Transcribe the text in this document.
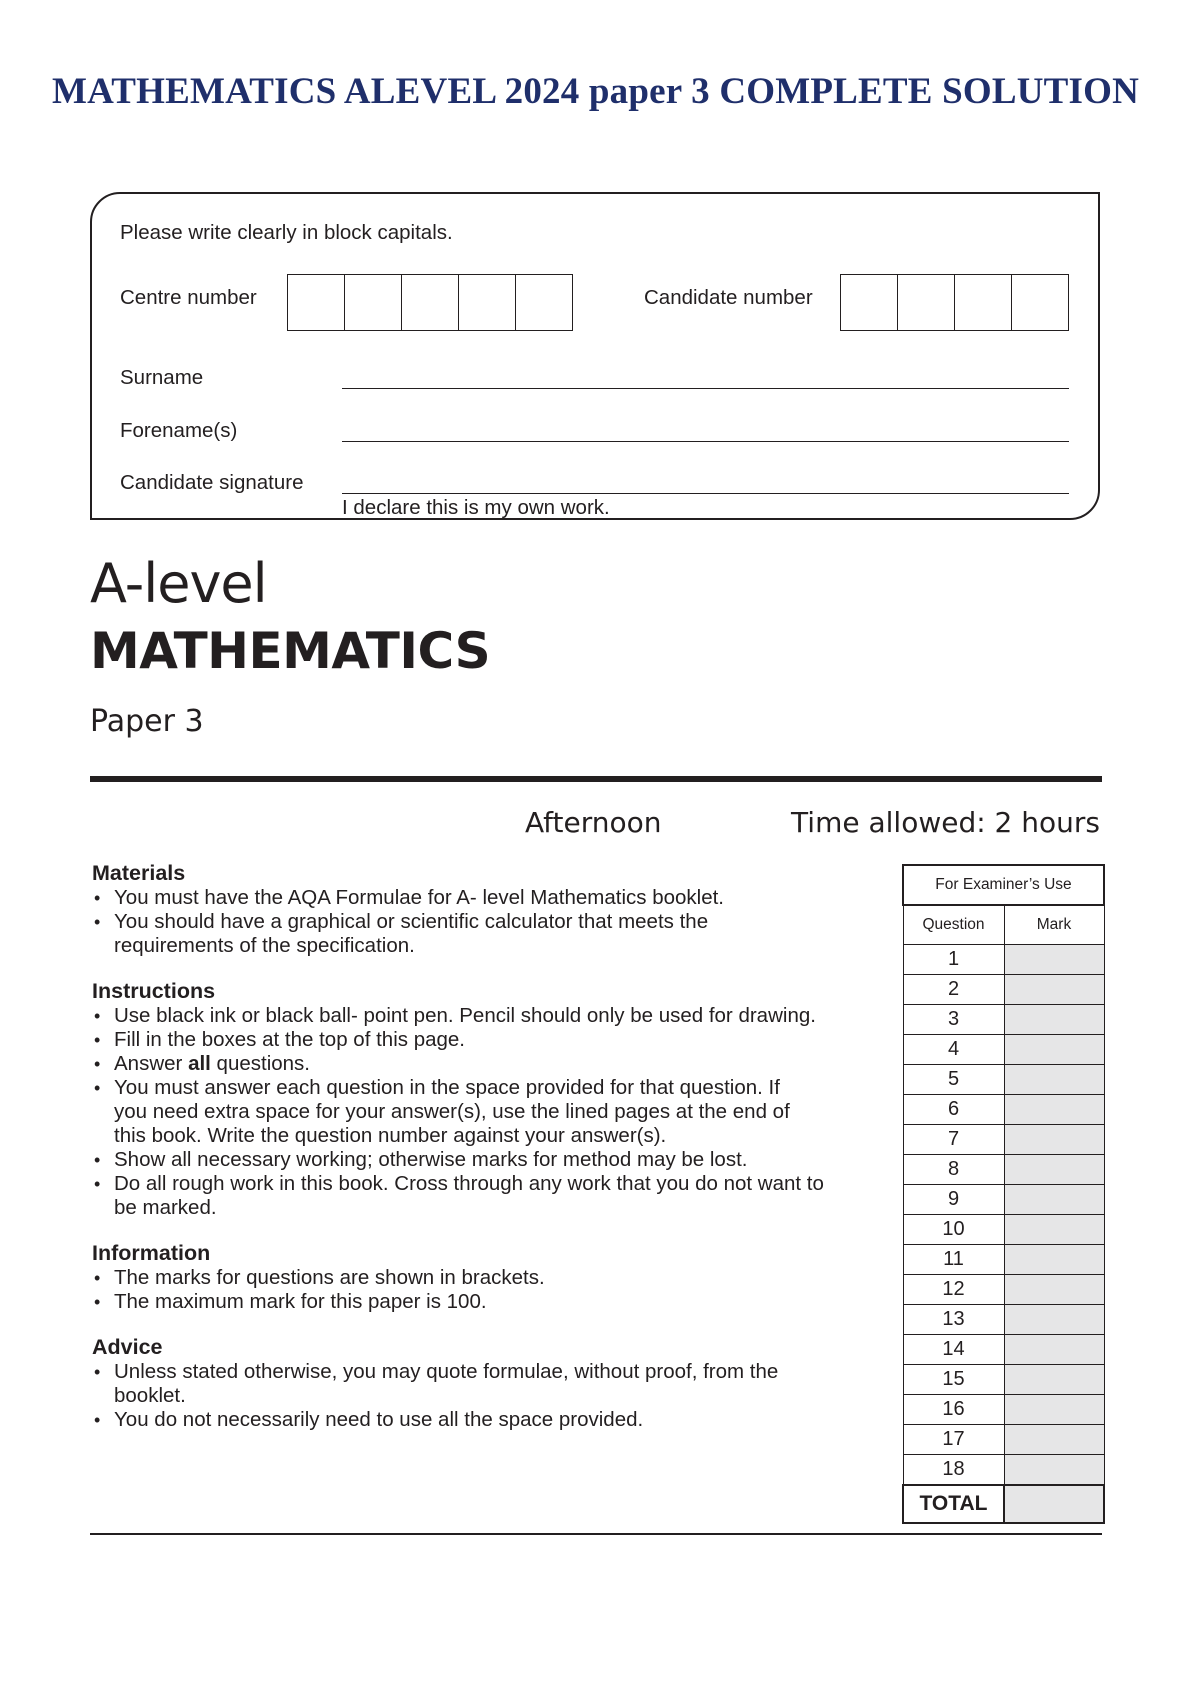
MATHEMATICS ALEVEL 2024 paper 3 COMPLETE SOLUTION
Please write clearly in block capitals.
Centre number	Candidate number
Surname
Forename(s)
Candidate signature
I declare this is my own work.
A-level
MATHEMATICS
Paper 3
Afternoon	Time allowed: 2 hours
Materials
• You must have the AQA Formulae for A- level Mathematics booklet.
• You should have a graphical or scientific calculator that meets the requirements of the specification.
Instructions
• Use black ink or black ball- point pen. Pencil should only be used for drawing.
• Fill in the boxes at the top of this page.
• Answer all questions.
• You must answer each question in the space provided for that question. If you need extra space for your answer(s), use the lined pages at the end of this book. Write the question number against your answer(s).
• Show all necessary working; otherwise marks for method may be lost.
• Do all rough work in this book. Cross through any work that you do not want to be marked.
Information
• The marks for questions are shown in brackets.
• The maximum mark for this paper is 100.
Advice
• Unless stated otherwise, you may quote formulae, without proof, from the booklet.
• You do not necessarily need to use all the space provided.
For Examiner’s Use	
Question	Mark
1	
2	
3	
4	
5	
6	
7	
8	
9	
10	
11	
12	
13	
14	
15	
16	
17	
18	
TOTAL	
